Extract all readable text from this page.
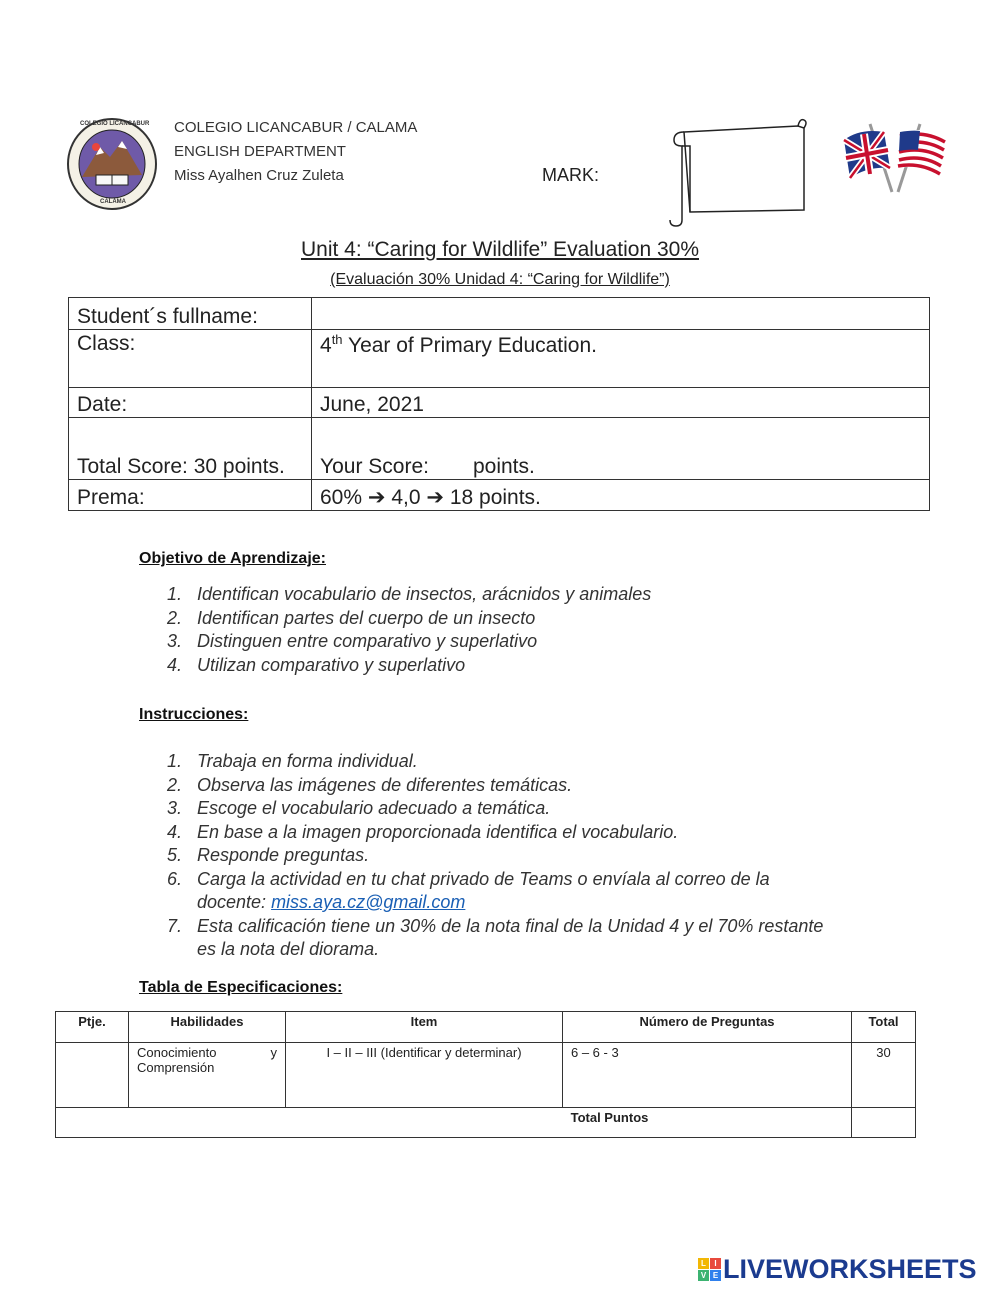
COLEGIO LICANCABUR
CALAMA
COLEGIO LICANCABUR / CALAMA
ENGLISH DEPARTMENT
Miss Ayalhen Cruz Zuleta	MARK:
Unit 4: “Caring for Wildlife” Evaluation 30%
(Evaluación 30% Unidad 4: “Caring for Wildlife”)
Student´s fullname:	
Class:	4th Year of Primary Education.
Date:	June, 2021
Total Score: 30 points.	Your Score: points.
Prema:	60% ➔ 4,0 ➔ 18 points.
Objetivo de Aprendizaje:
1. Identifican vocabulario de insectos, arácnidos y animales
2. Identifican partes del cuerpo de un insecto
3. Distinguen entre comparativo y superlativo
4. Utilizan comparativo y superlativo
Instrucciones:
1. Trabaja en forma individual.
2. Observa las imágenes de diferentes temáticas.
3. Escoge el vocabulario adecuado a temática.
4. En base a la imagen proporcionada identifica el vocabulario.
5. Responde preguntas.
6. Carga la actividad en tu chat privado de Teams o envíala al correo de la
docente: miss.aya.cz@gmail.com
7. Esta calificación tiene un 30% de la nota final de la Unidad 4 y el 70% restante
es la nota del diorama.
Tabla de Especificaciones:
Ptje.	Habilidades	Item	Número de Preguntas	Total

	Conocimiento y
Comprensión	I – II – III (Identificar y determinar)	6 – 6 - 3	30
Total Puntos				
L	I
V E LIVEWORKSHEETS
